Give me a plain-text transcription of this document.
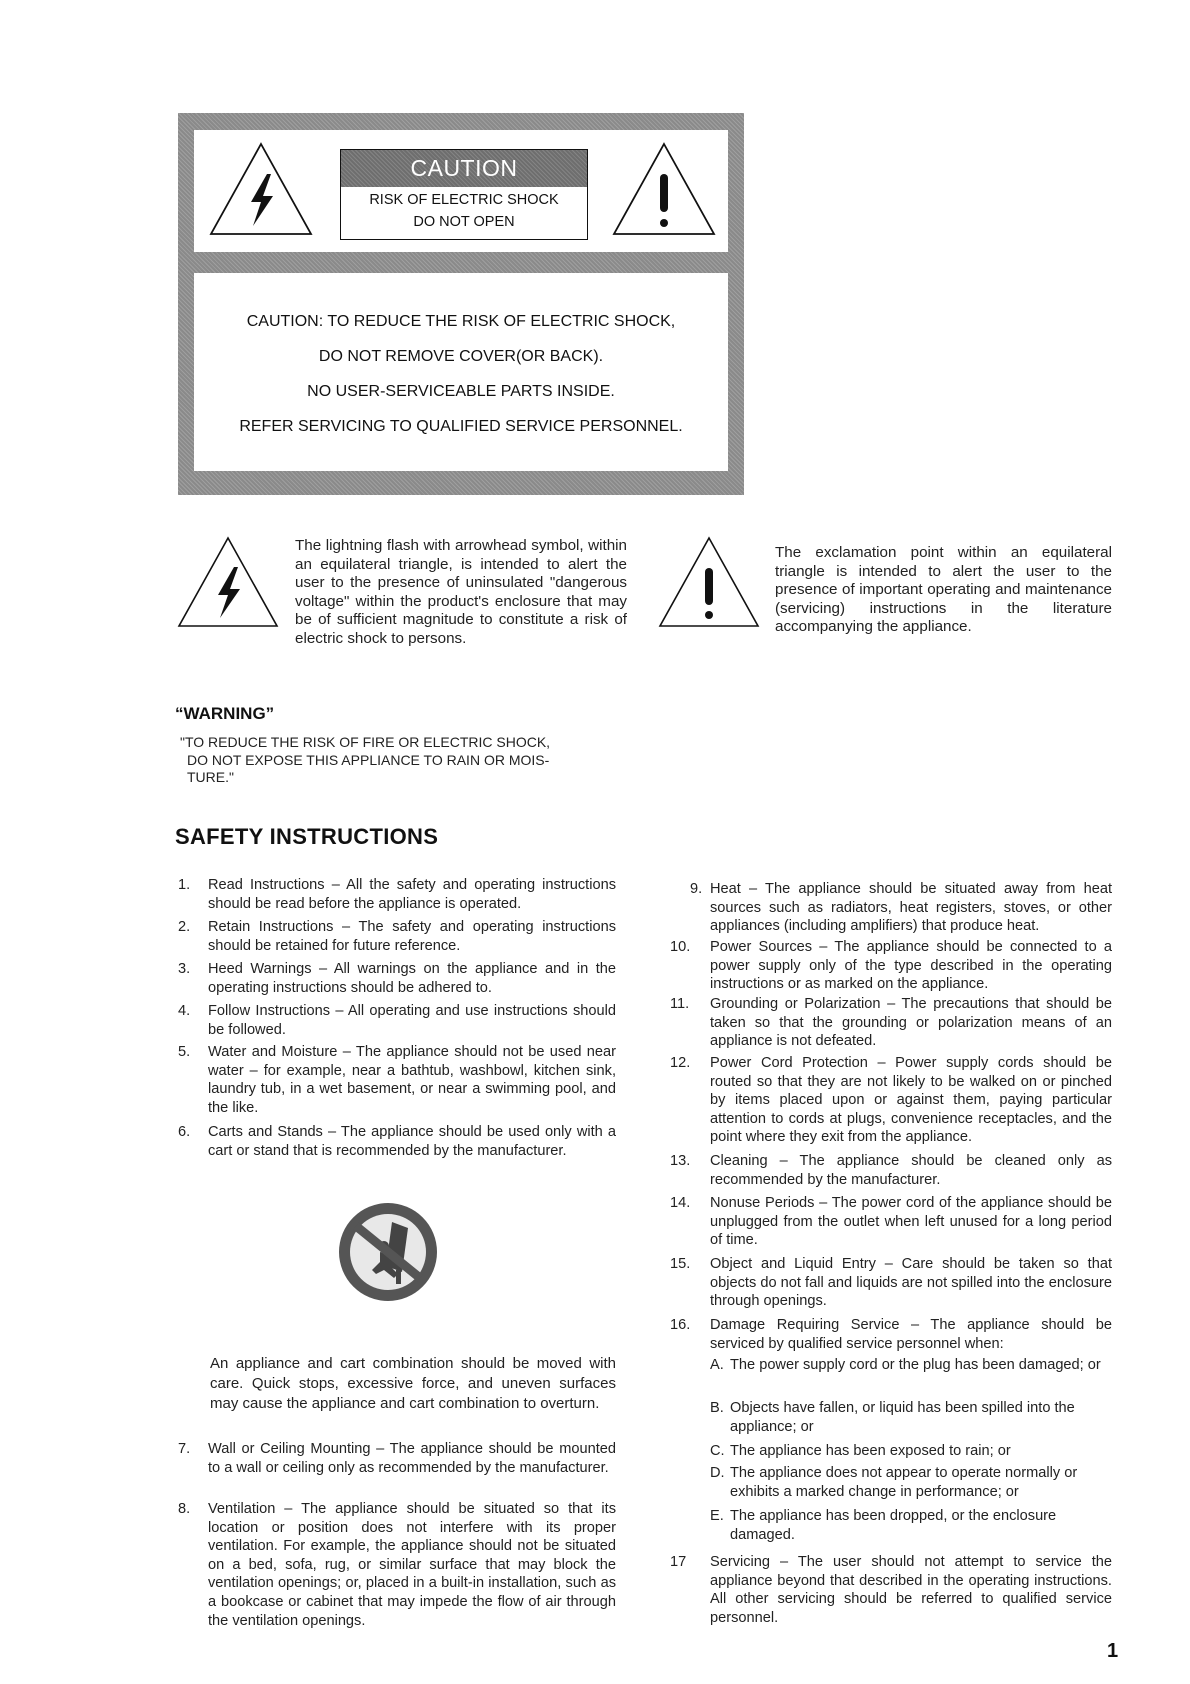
CAUTION
RISK OF ELECTRIC SHOCK
DO NOT OPEN
CAUTION: TO REDUCE THE RISK OF ELECTRIC SHOCK,
DO NOT REMOVE COVER(OR BACK).
NO USER-SERVICEABLE PARTS INSIDE.
REFER SERVICING TO QUALIFIED SERVICE PERSONNEL.
The lightning flash with arrowhead symbol, within an equilateral triangle, is intended to alert the user to the presence of uninsulated "dangerous voltage" within the product's enclosure that may be of sufficient magnitude to constitute a risk of electric shock to persons.
The exclamation point within an equilateral triangle is intended to alert the user to the presence of important operating and maintenance (servicing) instructions in the literature accompanying the appliance.
“WARNING”
"TO REDUCE THE RISK OF FIRE OR ELECTRIC SHOCK,
DO NOT EXPOSE THIS APPLIANCE TO RAIN OR MOIS-
TURE."
SAFETY INSTRUCTIONS
1. Read Instructions – All the safety and operating instructions should be read before the appliance is operated.
2. Retain Instructions – The safety and operating instructions should be retained for future reference.
3. Heed Warnings – All warnings on the appliance and in the operating instructions should be adhered to.
4. Follow Instructions – All operating and use instructions should be followed.
5. Water and Moisture – The appliance should not be used near water – for example, near a bathtub, washbowl, kitchen sink, laundry tub, in a wet basement, or near a swimming pool, and the like.
6. Carts and Stands – The appliance should be used only with a cart or stand that is recommended by the manufacturer.
An appliance and cart combination should be moved with care. Quick stops, excessive force, and uneven surfaces may cause the appliance and cart combination to overturn.
7. Wall or Ceiling Mounting – The appliance should be mounted to a wall or ceiling only as recommended by the manufacturer.
8. Ventilation – The appliance should be situated so that its location or position does not interfere with its proper ventilation. For example, the appliance should not be situated on a bed, sofa, rug, or similar surface that may block the ventilation openings; or, placed in a built-in installation, such as a bookcase or cabinet that may impede the flow of air through the ventilation openings.
9. Heat – The appliance should be situated away from heat sources such as radiators, heat registers, stoves, or other appliances (including amplifiers) that produce heat.
10. Power Sources – The appliance should be connected to a power supply only of the type described in the operating instructions or as marked on the appliance.
11. Grounding or Polarization – The precautions that should be taken so that the grounding or polarization means of an appliance is not defeated.
12. Power Cord Protection – Power supply cords should be routed so that they are not likely to be walked on or pinched by items placed upon or against them, paying particular attention to cords at plugs, convenience receptacles, and the point where they exit from the appliance.
13. Cleaning – The appliance should be cleaned only as recommended by the manufacturer.
14. Nonuse Periods – The power cord of the appliance should be unplugged from the outlet when left unused for a long period of time.
15. Object and Liquid Entry – Care should be taken so that objects do not fall and liquids are not spilled into the enclosure through openings.
16. Damage Requiring Service – The appliance should be serviced by qualified service personnel when:
A. The power supply cord or the plug has been damaged; or
B. Objects have fallen, or liquid has been spilled into the appliance; or
C. The appliance has been exposed to rain; or
D. The appliance does not appear to operate normally or exhibits a marked change in performance; or
E. The appliance has been dropped, or the enclosure damaged.
17 Servicing – The user should not attempt to service the appliance beyond that described in the operating instructions. All other servicing should be referred to qualified service personnel.
1
